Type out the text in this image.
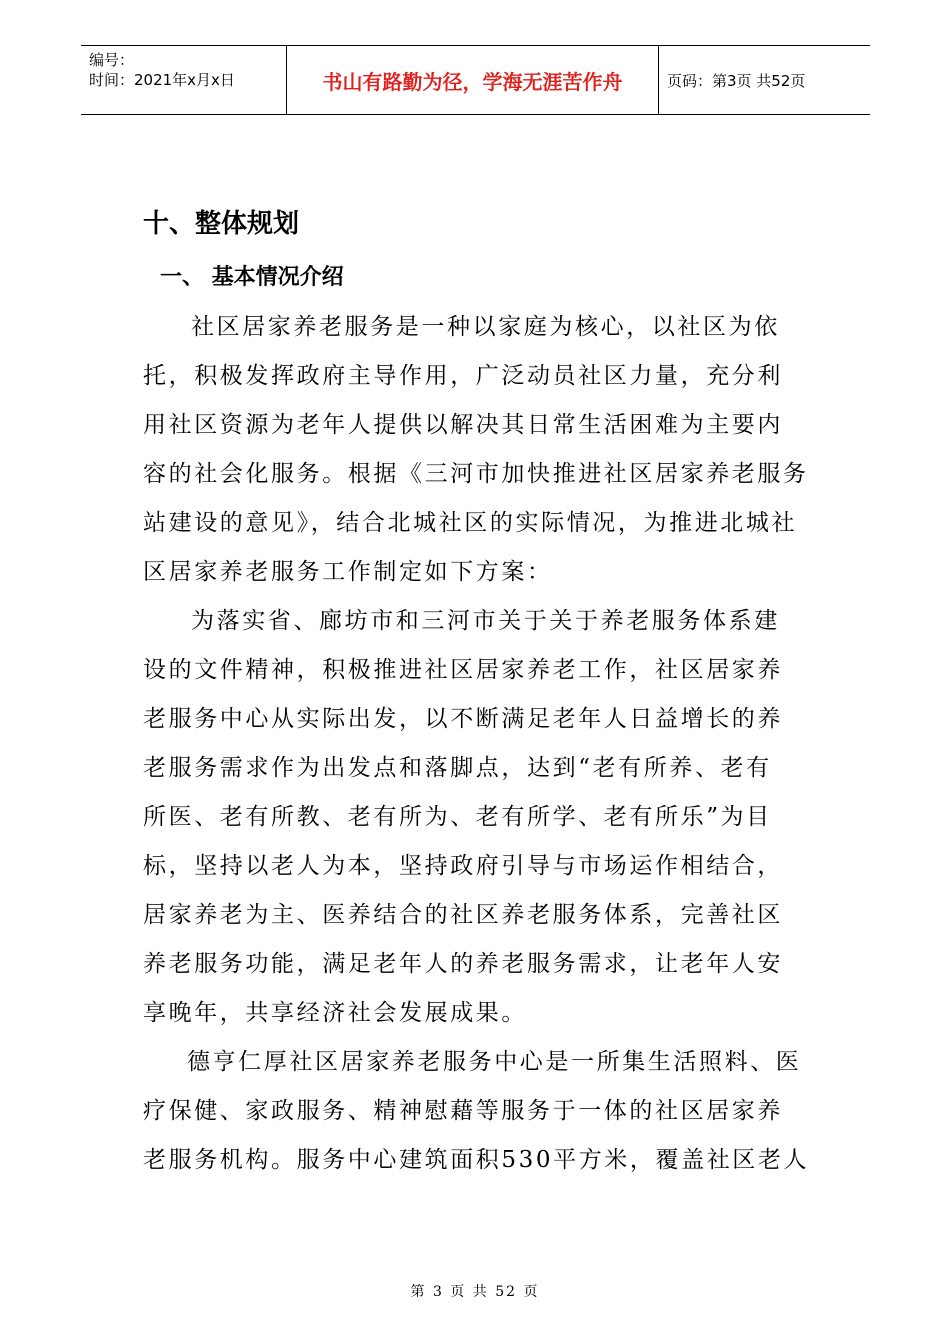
编号：
时间：2021年x月x日	书山有路勤为径，学海无涯苦作舟	页码：第3页 共52页
十、整体规划
一、 基本情况介绍
社区居家养老服务是一种以家庭为核心，以社区为依
托，积极发挥政府主导作用，广泛动员社区力量，充分利
用社区资源为老年人提供以解决其日常生活困难为主要内
容的社会化服务。根据《三河市加快推进社区居家养老服务
站建设的意见》，结合北城社区的实际情况，为推进北城社
区居家养老服务工作制定如下方案：
为落实省、廊坊市和三河市关于关于养老服务体系建
设的文件精神，积极推进社区居家养老工作，社区居家养
老服务中心从实际出发，以不断满足老年人日益增长的养
老服务需求作为出发点和落脚点，达到“老有所养、老有
所医、老有所教、老有所为、老有所学、老有所乐”为目
标，坚持以老人为本，坚持政府引导与市场运作相结合，
居家养老为主、医养结合的社区养老服务体系，完善社区
养老服务功能，满足老年人的养老服务需求，让老年人安
享晚年，共享经济社会发展成果。
德亨仁厚社区居家养老服务中心是一所集生活照料、医
疗保健、家政服务、精神慰藉等服务于一体的社区居家养
老服务机构。服务中心建筑面积530平方米，覆盖社区老人
第 3 页 共 52 页
